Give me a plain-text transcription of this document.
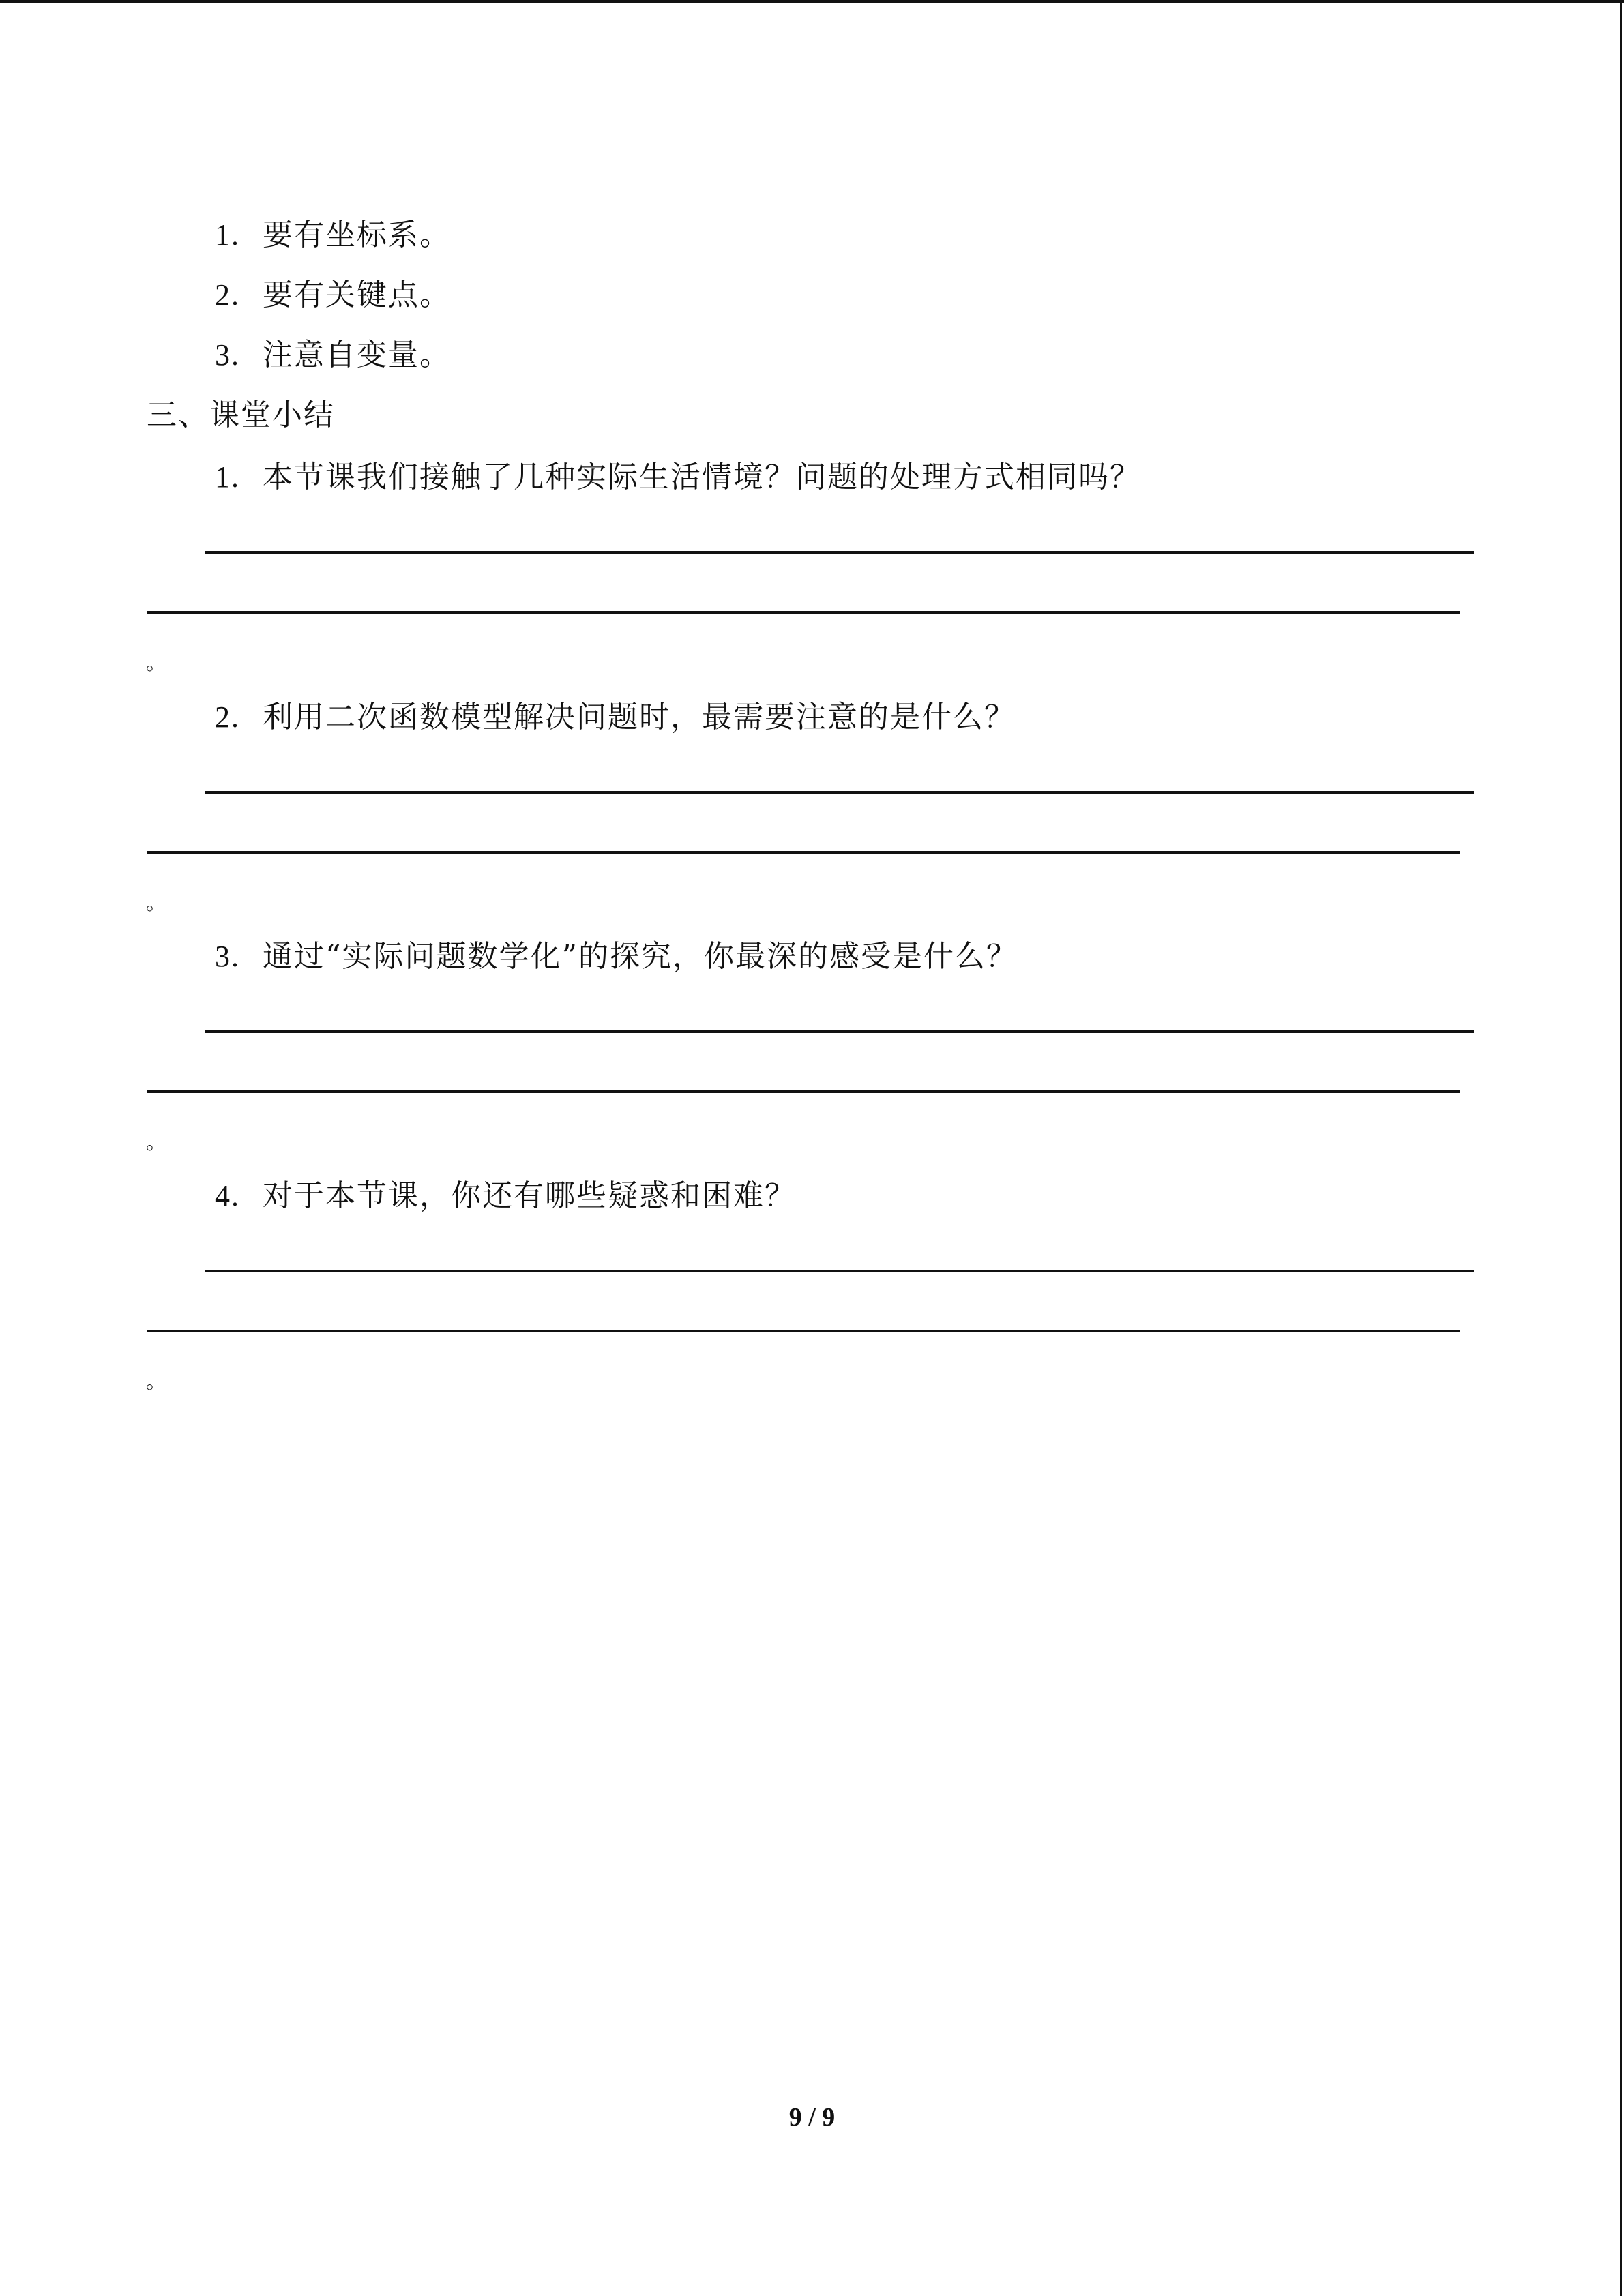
1. 要有坐标系。
2. 要有关键点。
3. 注意自变量。
三、课堂小结
1. 本节课我们接触了几种实际生活情境？问题的处理方式相同吗？
。
2. 利用二次函数模型解决问题时，最需要注意的是什么？
。
3. 通过“实际问题数学化”的探究，你最深的感受是什么？
。
4. 对于本节课，你还有哪些疑惑和困难？
。
9 / 9
